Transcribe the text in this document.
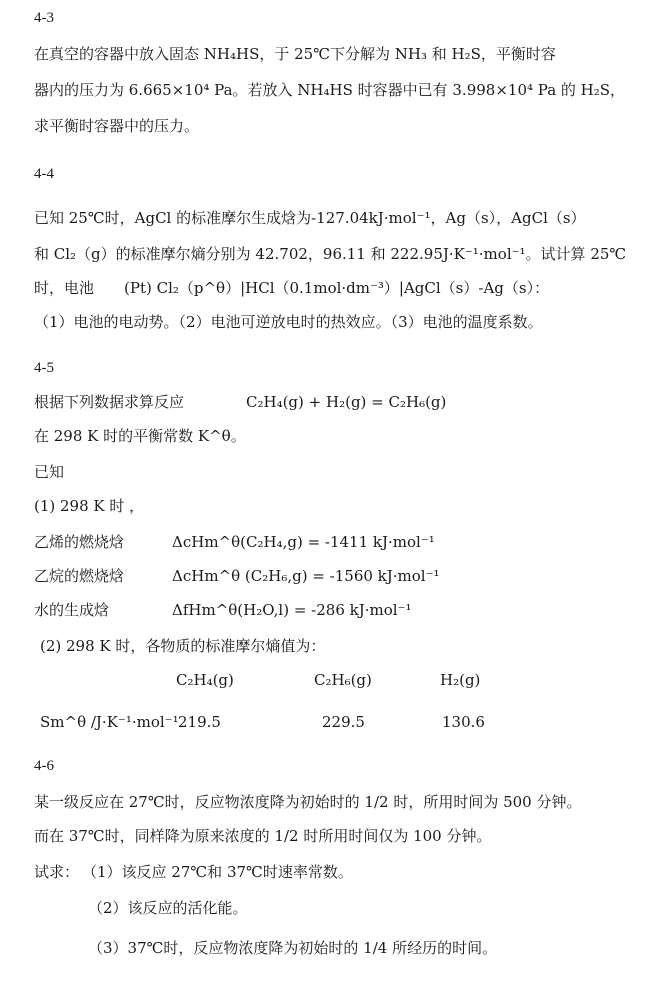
4-3
在真空的容器中放入固态 NH₄HS，于 25℃下分解为 NH₃ 和 H₂S，平衡时容
器内的压力为 6.665×10⁴ Pa。若放入 NH₄HS 时容器中已有 3.998×10⁴ Pa 的 H₂S，
求平衡时容器中的压力。
4-4
已知 25℃时，AgCl 的标准摩尔生成焓为-127.04kJ·mol⁻¹，Ag（s），AgCl（s）
和 Cl₂（g）的标准摩尔熵分别为 42.702，96.11 和 222.95J·K⁻¹·mol⁻¹。试计算 25℃
时，电池　　(Pt) Cl₂（p^θ）|HCl（0.1mol·dm⁻³）|AgCl（s）-Ag（s）：
（1）电池的电动势。（2）电池可逆放电时的热效应。（3）电池的温度系数。
4-5
根据下列数据求算反应	C₂H₄(g) + H₂(g) = C₂H₆(g)
在 298 K 时的平衡常数 K^θ。
已知
(1) 298 K 时 ，
乙烯的燃烧焓	ΔcHm^θ(C₂H₄,g) = -1411 kJ·mol⁻¹
乙烷的燃烧焓	ΔcHm^θ (C₂H₆,g) = -1560 kJ·mol⁻¹
水的生成焓	ΔfHm^θ(H₂O,l) = -286 kJ·mol⁻¹
(2) 298 K 时，各物质的标准摩尔熵值为：
C₂H₄(g)	C₂H₆(g)	H₂(g)
Sm^θ /J·K⁻¹·mol⁻¹ 219.5	229.5	130.6
4-6
某一级反应在 27℃时，反应物浓度降为初始时的 1/2 时，所用时间为 500 分钟。
而在 37℃时，同样降为原来浓度的 1/2 时所用时间仅为 100 分钟。
试求： （1）该反应 27℃和 37℃时速率常数。
（2）该反应的活化能。
（3）37℃时，反应物浓度降为初始时的 1/4 所经历的时间。
